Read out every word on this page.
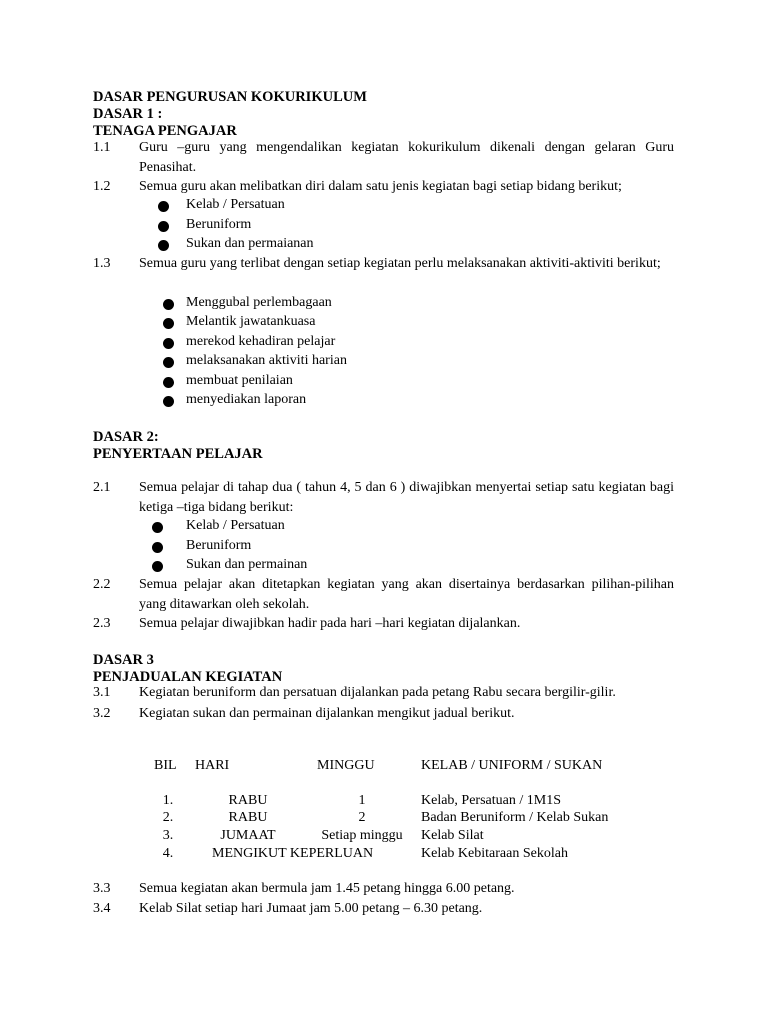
DASAR PENGURUSAN KOKURIKULUM
DASAR 1 :
TENAGA PENGAJAR
1.1 Guru –guru yang mengendalikan kegiatan kokurikulum dikenali dengan gelaran Guru Penasihat.
1.2 Semua guru akan melibatkan diri dalam satu jenis kegiatan bagi setiap bidang berikut;
Kelab / Persatuan
Beruniform
Sukan dan permaianan
1.3 Semua guru yang terlibat dengan setiap kegiatan perlu melaksanakan aktiviti-aktiviti berikut;
Menggubal perlembagaan
Melantik jawatankuasa
merekod kehadiran pelajar
melaksanakan aktiviti harian
membuat penilaian
menyediakan laporan
DASAR 2:
PENYERTAAN PELAJAR
2.1 Semua pelajar di tahap dua ( tahun 4, 5 dan 6 ) diwajibkan menyertai setiap satu kegiatan bagi ketiga –tiga bidang berikut:
Kelab / Persatuan
Beruniform
Sukan dan permainan
2.2 Semua pelajar akan ditetapkan kegiatan yang akan disertainya berdasarkan pilihan-pilihan yang ditawarkan oleh sekolah.
2.3 Semua pelajar diwajibkan hadir pada hari –hari kegiatan dijalankan.
DASAR 3
PENJADUALAN KEGIATAN
3.1 Kegiatan beruniform dan persatuan dijalankan pada petang Rabu secara bergilir-gilir.
3.2 Kegiatan sukan dan permainan dijalankan mengikut jadual berikut.
BIL HARI	MINGGU	KELAB / UNIFORM / SUKAN
1.	RABU	1	Kelab, Persatuan / 1M1S
2.	RABU	2	Badan Beruniform / Kelab Sukan
3.	JUMAAT	Setiap minggu	Kelab Silat
4.	MENGIKUT KEPERLUAN	Kelab Kebitaraan Sekolah
3.3 Semua kegiatan akan bermula jam 1.45 petang hingga 6.00 petang.
3.4 Kelab Silat setiap hari Jumaat jam 5.00 petang – 6.30 petang.
